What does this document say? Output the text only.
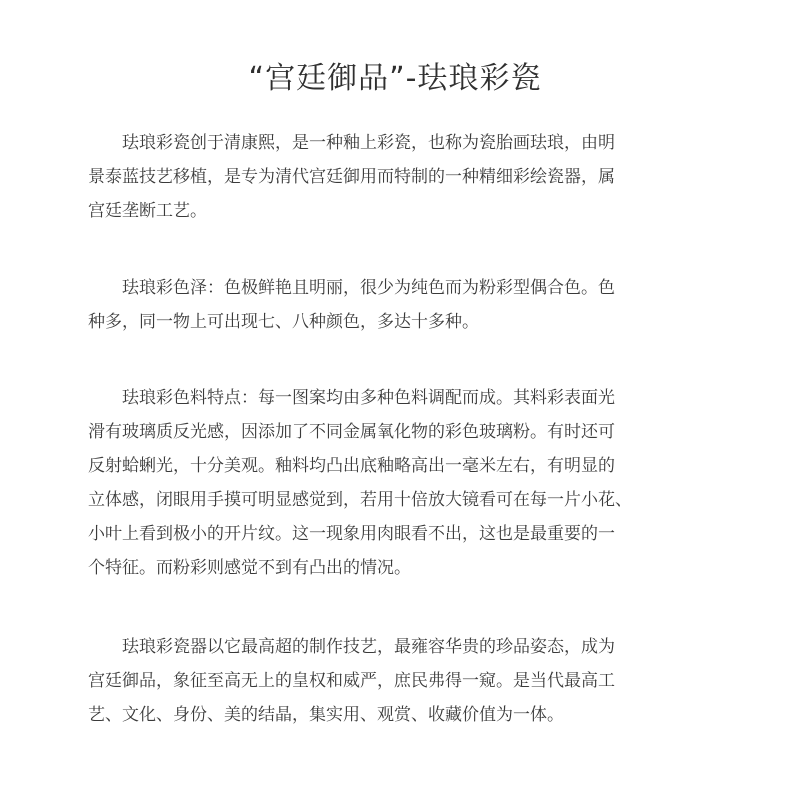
“宫廷御品”-珐琅彩瓷

珐琅彩瓷创于清康熙，是一种釉上彩瓷，也称为瓷胎画珐琅，由明
景泰蓝技艺移植，是专为清代宫廷御用而特制的一种精细彩绘瓷器，属
宫廷垄断工艺。

珐琅彩色泽：色极鲜艳且明丽，很少为纯色而为粉彩型偶合色。色
种多，同一物上可出现七、八种颜色，多达十多种。

珐琅彩色料特点：每一图案均由多种色料调配而成。其料彩表面光
滑有玻璃质反光感，因添加了不同金属氧化物的彩色玻璃粉。有时还可
反射蛤蜊光，十分美观。釉料均凸出底釉略高出一毫米左右，有明显的
立体感，闭眼用手摸可明显感觉到，若用十倍放大镜看可在每一片小花、
小叶上看到极小的开片纹。这一现象用肉眼看不出，这也是最重要的一
个特征。而粉彩则感觉不到有凸出的情况。

珐琅彩瓷器以它最高超的制作技艺，最雍容华贵的珍品姿态，成为
宫廷御品，象征至高无上的皇权和威严，庶民弗得一窥。是当代最高工
艺、文化、身份、美的结晶，集实用、观赏、收藏价值为一体。
